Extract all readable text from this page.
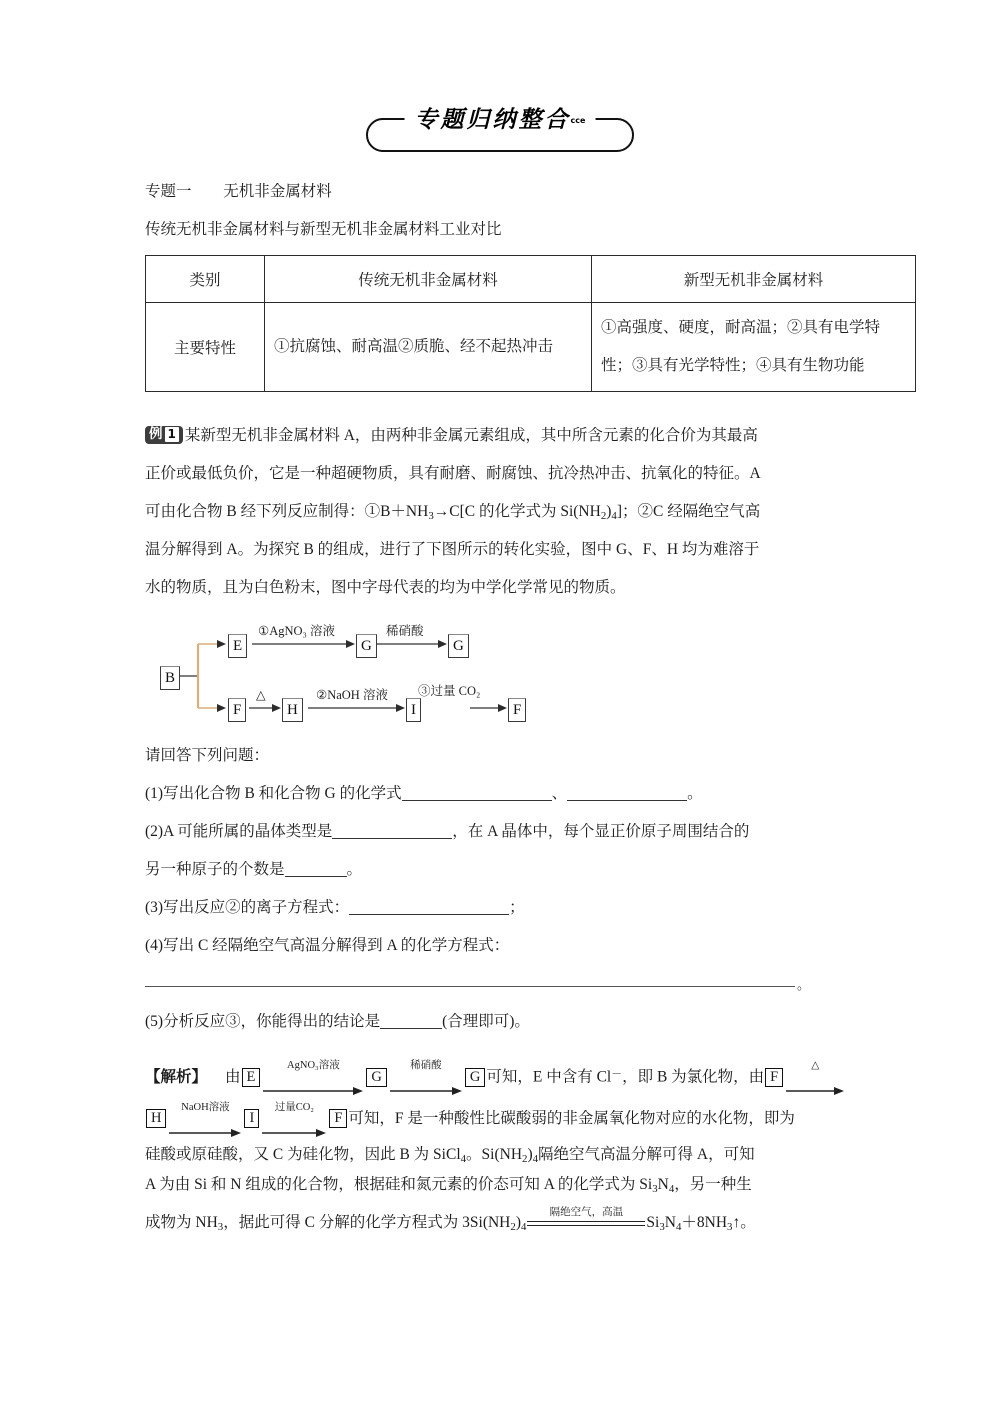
专题归纳整合cce
专题一 无机非金属材料
传统无机非金属材料与新型无机非金属材料工业对比
类别	传统无机非金属材料	新型无机非金属材料
主要特性	①抗腐蚀、耐高温②质脆、经不起热冲击	①高强度、硬度，耐高温；②具有电学特性；③具有光学特性；④具有生物功能
例 1 某新型无机非金属材料 A，由两种非金属元素组成，其中所含元素的化合价为其最高
正价或最低负价，它是一种超硬物质，具有耐磨、耐腐蚀、抗冷热冲击、抗氧化的特征。A
可由化合物 B 经下列反应制得：$①B+NH_3\to C[C$ 的化学式为 $Si(NH_2)_4$]；②C 经隔绝空气高
温分解得到 A。为探究 B 的组成，进行了下图所示的转化实验，图中 G、F、H 均为难溶于
水的物质，且为白色粉末，图中字母代表的均为中学化学常见的物质。
B
E	G	G
F	H	I	F
①AgNO₃ 溶液	稀硝酸
△	②NaOH 溶液 ③过量 CO₂
请回答下列问题：
(1)写出化合物 B 和化合物 G 的化学式	、	。
(2)A 可能所属的晶体类型是	，在 A 晶体中，每个显正价原子周围结合的
另一种原子的个数是	。
(3)写出反应②的离子方程式：	；
(4)写出 C 经隔绝空气高温分解得到 A 的化学方程式：
。
(5)分析反应③，你能得出的结论是	(合理即可)。
【解析】 由 E
AgNO₃溶液
G
稀硝酸
G 可知，E 中含有 Cl－，即 B 为氯化物，由 F
△
H
NaOH溶液
I
过量CO₂
F 可知，F 是一种酸性比碳酸弱的非金属氧化物对应的水化物，即为
硅酸或原硅酸，又 C 为硅化物，因此 B 为 SiCl$_4$。$Si(NH_2)_4$隔绝空气高温分解可得 A，可知
A 为由 Si 和 N 组成的化合物，根据硅和氮元素的价态可知 A 的化学式为 $Si_3N_4$，另一种生
成物为 $NH_3$，据此可得 C 分解的化学方程式为 $3Si(NH_2)_4$
隔绝空气，高温
$Si_3N_4+8NH_3↑$。
